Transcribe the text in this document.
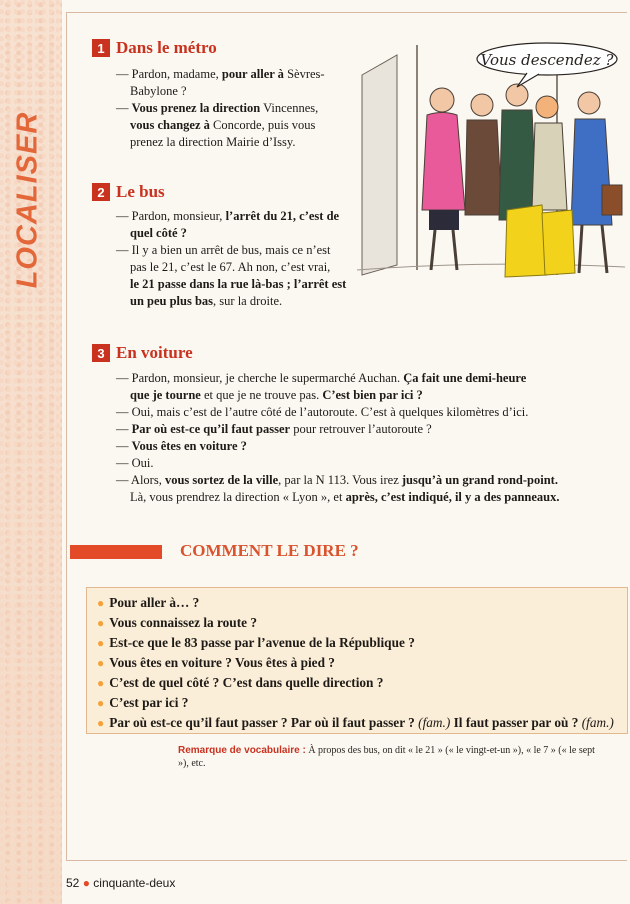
LOCALISER
1 Dans le métro

— Pardon, madame, pour aller à Sèvres-

Babylone ?

— Vous prenez la direction Vincennes,

vous changez à Concorde, puis vous

prenez la direction Mairie d’Issy.

2 Le bus

— Pardon, monsieur, l’arrêt du 21, c’est de

quel côté ?

— Il y a bien un arrêt de bus, mais ce n’est

pas le 21, c’est le 67. Ah non, c’est vrai,

le 21 passe dans la rue là-bas ; l’arrêt est

un peu plus bas, sur la droite.

Vous descendez ?
3 En voiture

— Pardon, monsieur, je cherche le supermarché Auchan. Ça fait une demi-heure

que je tourne et que je ne trouve pas. C’est bien par ici ?

— Oui, mais c’est de l’autre côté de l’autoroute. C’est à quelques kilomètres d’ici.

— Par où est-ce qu’il faut passer pour retrouver l’autoroute ?

— Vous êtes en voiture ?

— Oui.

— Alors, vous sortez de la ville, par la N 113. Vous irez jusqu’à un grand rond-point.

Là, vous prendrez la direction « Lyon », et après, c’est indiqué, il y a des panneaux.

COMMENT LE DIRE ?
● Pour aller à… ?
● Vous connaissez la route ?
● Est-ce que le 83 passe par l’avenue de la République ?
● Vous êtes en voiture ? Vous êtes à pied ?
● C’est de quel côté ? C’est dans quelle direction ?
● C’est par ici ?
● Par où est-ce qu’il faut passer ? Par où il faut passer ? (fam.) Il faut passer par où ? (fam.)
Remarque de vocabulaire : À propos des bus, on dit « le 21 » (« le vingt-et-un »), « le 7 » (« le sept »), etc.
52 ● cinquante-deux
